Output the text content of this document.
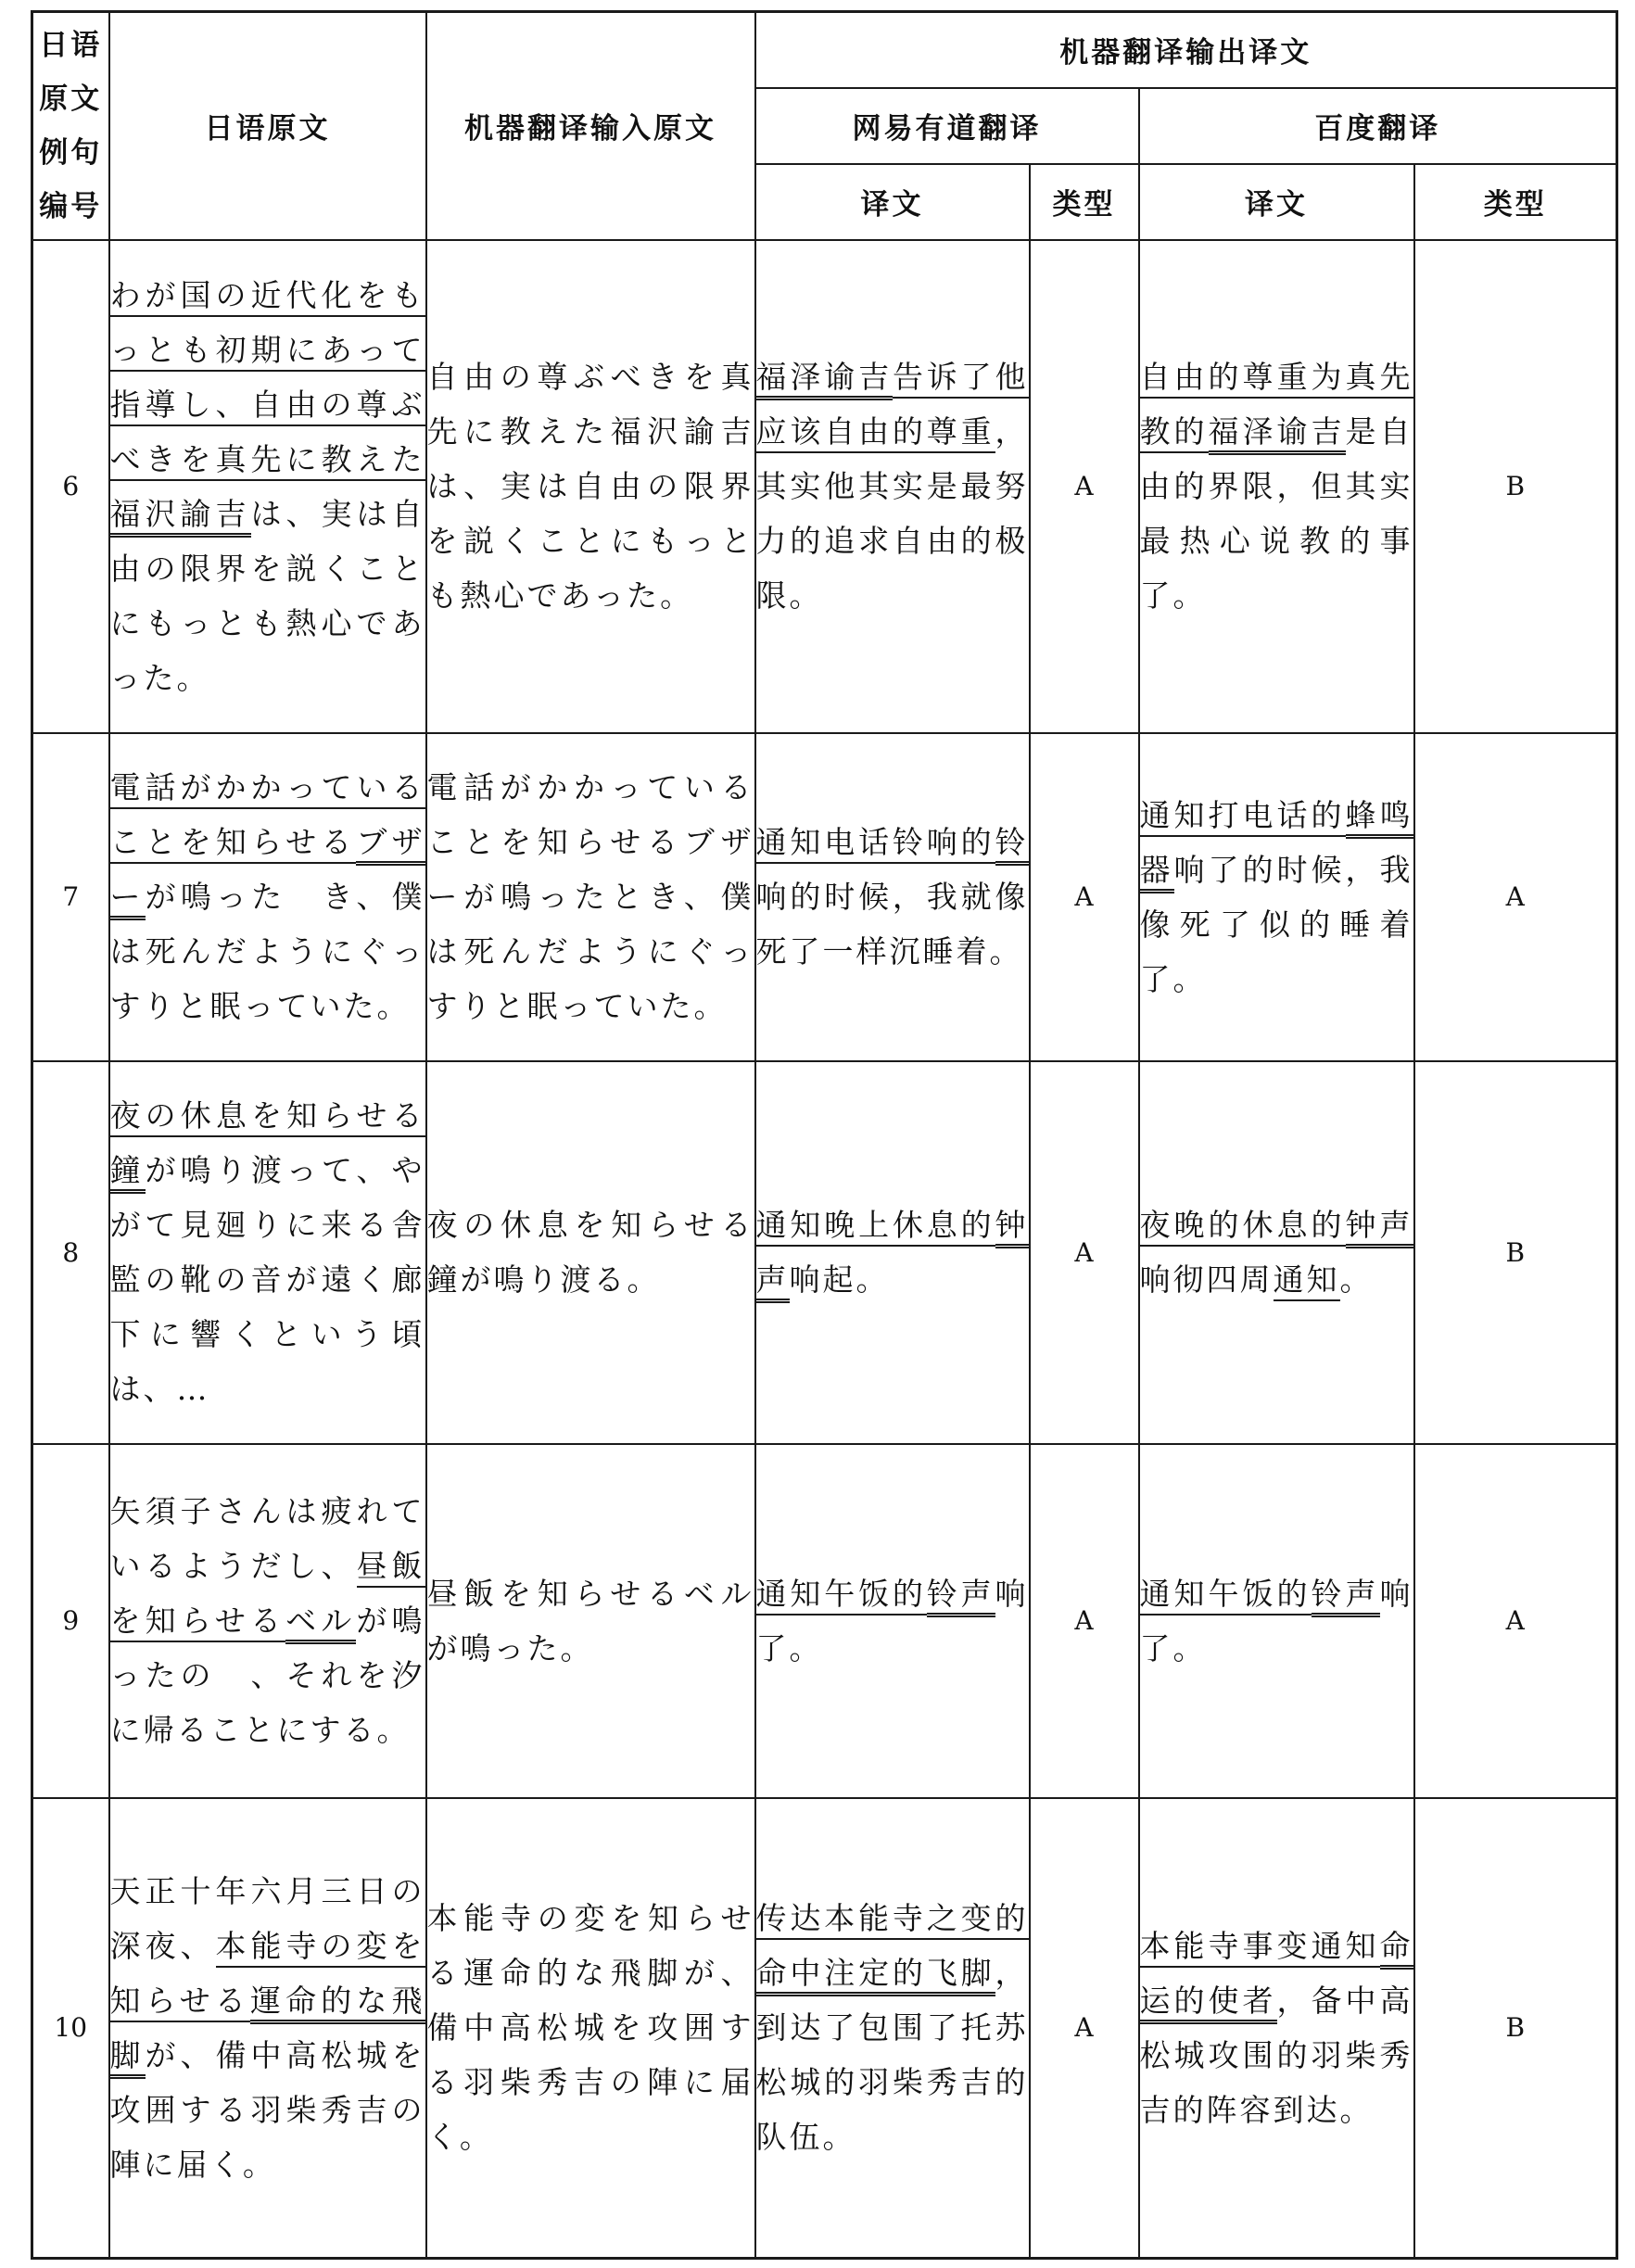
日语原文例句编号	日语原文	机器翻译输入原文	机器翻译输出译文			
			网易有道翻译		百度翻译	
			译文	类型	译文	类型
6	わが国の近代化をもっとも初期にあって指導し、自由の尊ぶべきを真先に教えた福沢諭吉は、実は自由の限界を説くことにもっとも熱心であった。	自由の尊ぶべきを真先に教えた福沢諭吉は、実は自由の限界を説くことにもっとも熱心であった。	福泽谕吉告诉了他应该自由的尊重，其实他其实是最努力的追求自由的极限。	A	自由的尊重为真先教的福泽谕吉是自由的界限，但其实最热心说教的事了。	B
7	電話がかかっていることを知らせるブザーが鳴った　き、僕は死んだようにぐっすりと眠っていた。	電話がかかっていることを知らせるブザーが鳴ったとき、僕は死んだようにぐっすりと眠っていた。	通知电话铃响的铃响的时候，我就像死了一样沉睡着。	A	通知打电话的蜂鸣器响了的时候，我像死了似的睡着了。	A
8	夜の休息を知らせる鐘が鳴り渡って、やがて見廻りに来る舎監の靴の音が遠く廊下に響くという頃は、…	夜の休息を知らせる鐘が鳴り渡る。	通知晚上休息的钟声响起。	A	夜晚的休息的钟声响彻四周通知。	B
9	矢須子さんは疲れているようだし、昼飯を知らせるベルが鳴ったの　、それを汐に帰ることにする。	昼飯を知らせるベルが鳴った。	通知午饭的铃声响了。	A	通知午饭的铃声响了。	A
10	天正十年六月三日の深夜、本能寺の変を知らせる運命的な飛脚が、備中高松城を攻囲する羽柴秀吉の陣に届く。	本能寺の変を知らせる運命的な飛脚が、備中高松城を攻囲する羽柴秀吉の陣に届く。	传达本能寺之变的命中注定的飞脚，到达了包围了托苏松城的羽柴秀吉的队伍。	A	本能寺事变通知命运的使者，备中高松城攻围的羽柴秀吉的阵容到达。	B
